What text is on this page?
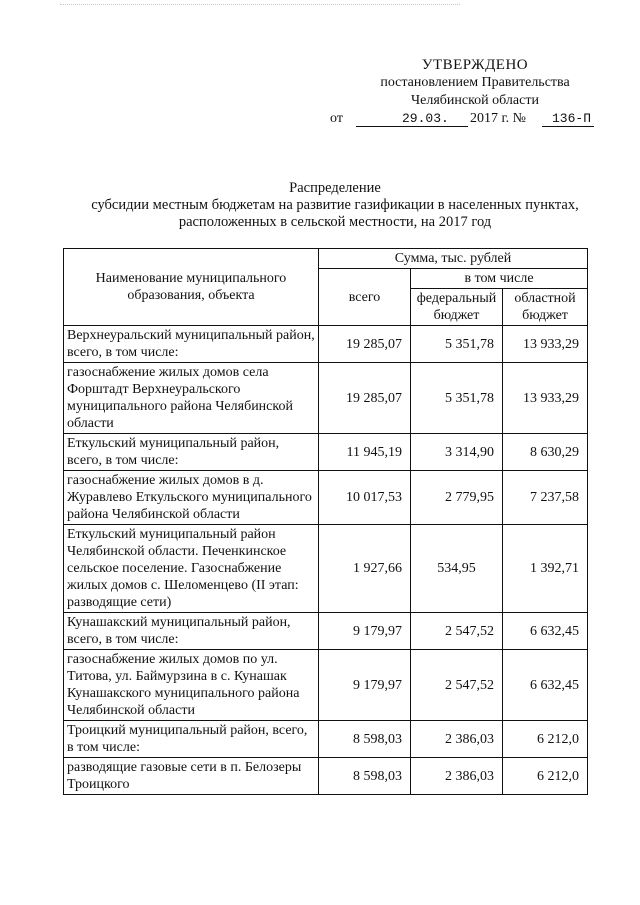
УТВЕРЖДЕНО
постановлением Правительства
Челябинской области
от	29.03. 2017 г. № 136-П
Распределение
субсидии местным бюджетам на развитие газификации в населенных пунктах,
расположенных в сельской местности, на 2017 год
Наименование муниципального образования, объекта	Сумма, тыс. рублей		
	всего	в том числе	
		федеральный бюджет	областной бюджет
Верхнеуральский муниципальный район, всего, в том числе:	19 285,07	5 351,78	13 933,29
газоснабжение жилых домов села Форштадт Верхнеуральского муниципального района Челябинской области	19 285,07	5 351,78	13 933,29
Еткульский муниципальный район, всего, в том числе:	11 945,19	3 314,90	8 630,29
газоснабжение жилых домов в д. Журавлево Еткульского муниципального района Челябинской области	10 017,53	2 779,95	7 237,58
Еткульский муниципальный район Челябинской области. Печенкинское сельское поселение. Газоснабжение жилых домов с. Шеломенцево (II этап: разводящие сети)	1 927,66	534,95	1 392,71
Кунашакский муниципальный район, всего, в том числе:	9 179,97	2 547,52	6 632,45
газоснабжение жилых домов по ул. Титова, ул. Баймурзина в с. Кунашак Кунашакского муниципального района Челябинской области	9 179,97	2 547,52	6 632,45
Троицкий муниципальный район, всего, в том числе:	8 598,03	2 386,03	6 212,0
разводящие газовые сети в п. Белозеры Троицкого	8 598,03	2 386,03	6 212,0
